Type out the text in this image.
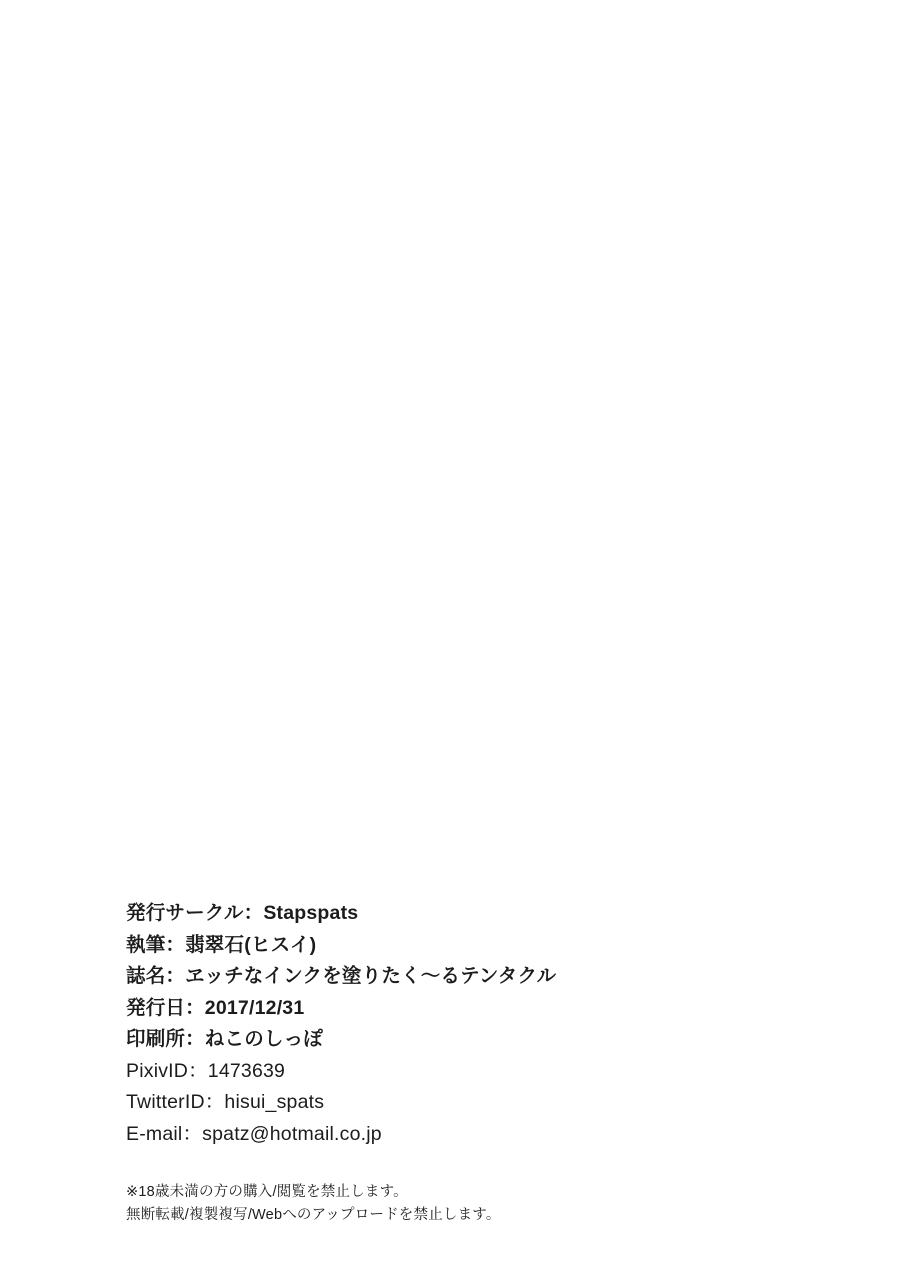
発行サークル：Stapspats
執筆：翡翠石(ヒスイ)
誌名：ヱッチなインクを塗りたく〜るテンタクル
発行日：2017/12/31
印刷所：ねこのしっぽ
PixivID：1473639
TwitterID：hisui_spats
E-mail：spatz@hotmail.co.jp
※18歳未満の方の購入/閲覧を禁止します。
無断転載/複製複写/Webへのアップロードを禁止します。
